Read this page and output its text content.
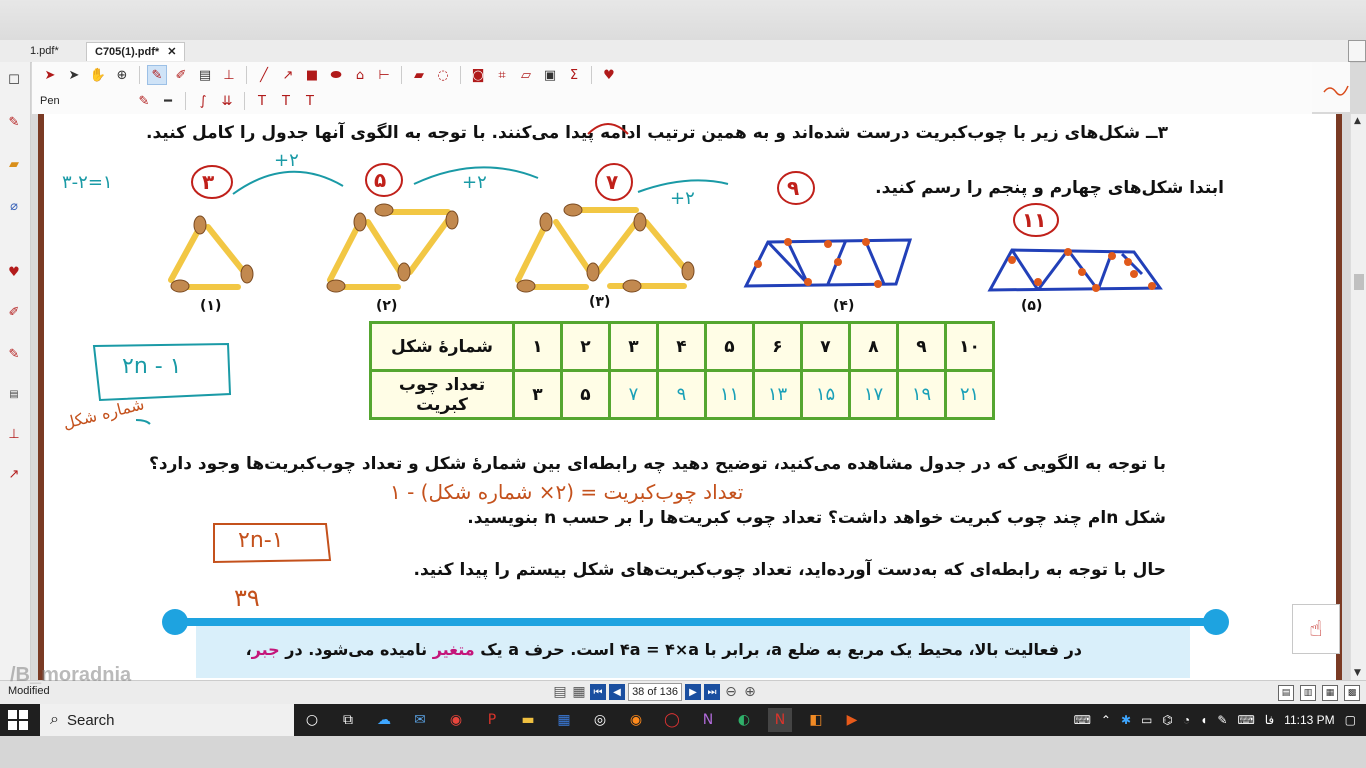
1.pdf*	C705(1).pdf* ✕
☐
✎
▰
⌀
♥
✐
✎
▤
⊥
↗
➤	➤ ✋ ⊕	✎	✐ ▤ ⊥	╱	↗ ■ ⬬	⌂	⊢	▰	◌	◙	⌗	▱ ▣	Σ	♥
Pen	✎	━	∫	⇊	T	T	T
۳ــ شکل‌های زیر با چوب‌کبریت درست شده‌اند و به همین ترتیب ادامه پیدا می‌کنند. با توجه به الگوی آنها جدول را کامل کنید.
ابتدا شکل‌های چهارم و پنجم را رسم کنید.
(۱)	(۲)	(۳)	(۴)	(۵)
۳-۲=۱	۳	۵	٧	۹
۱۱
+۲
+۲
+۲
۲n - ۱
شماره شکل
تعداد چوب‌کبریت = (۲× شماره شکل) - ۱
۲n-۱
۳۹
با توجه به الگویی که در جدول مشاهده می‌کنید، توضیح دهید چه رابطه‌ای بین شمارهٔ شکل و تعداد چوب‌کبریت‌ها وجود دارد؟
شکل nام چند چوب کبریت خواهد داشت؟ تعداد چوب کبریت‌ها را بر حسب n بنویسید.
حال با توجه به رابطه‌ای که به‌دست آورده‌اید، تعداد چوب‌کبریت‌های شکل بیستم را پیدا کنید.
شمارهٔ شکل	۱	۲	۳	۴	۵	۶	۷	۸	۹	۱۰
تعداد چوب کبریت	۳	۵	٧	۹	۱۱	۱۳	۱۵	۱۷	۱۹	۲۱
در فعالیت بالا، محیط یک مربع به ضلع a، برابر با ۴a = ۴×a است. حرف a یک متغیر نامیده می‌شود. در جبر،
☝
▲
▼
Modified	▤ ▦ ⏮	◀	38 of 136	▶	⏭ ⊖ ⊕	▤	▥	▦	▩
/B_moradnia
⌕ Search	○	⧉	☁	✉	◉	P	▬	▦	◎	◉	◯	N	◐	N	◧	▶	⌨ ⌃ ✱ ▭ ⌬ ◔ ◖ ✎ ⌨ فا 11:13 PM ▢
